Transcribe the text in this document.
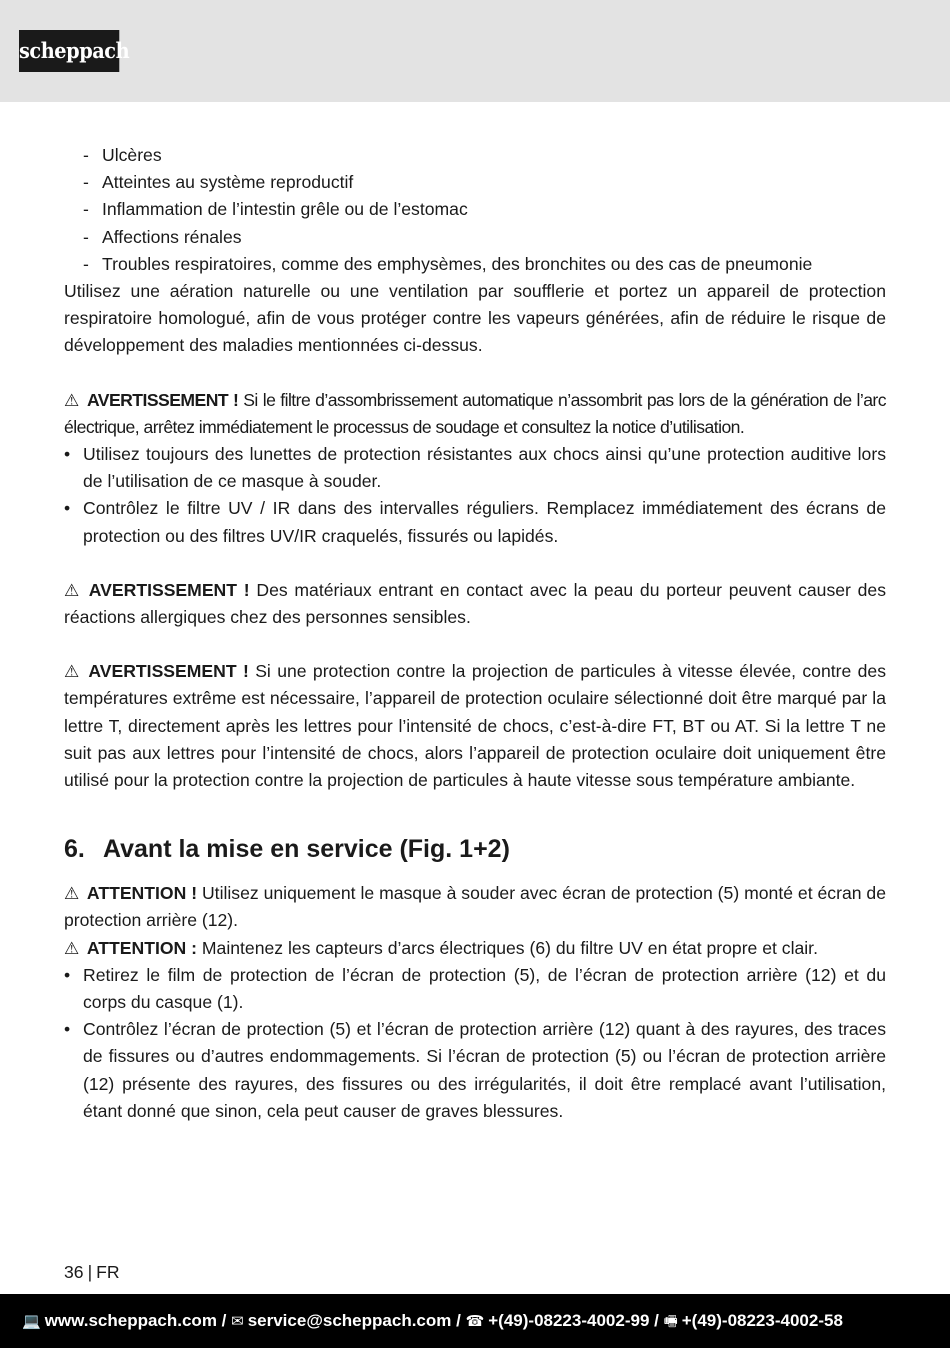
scheppach
- Ulcères
- Atteintes au système reproductif
- Inflammation de l’intestin grêle ou de l’estomac
- Affections rénales
- Troubles respiratoires, comme des emphysèmes, des bronchites ou des cas de pneumonie

Utilisez une aération naturelle ou une ventilation par soufflerie et portez un appareil de protection respiratoire homologué, afin de vous protéger contre les vapeurs générées, afin de réduire le risque de développement des maladies mentionnées ci-dessus.

⚠ AVERTISSEMENT ! Si le filtre d’assombrissement automatique n’assombrit pas lors de la génération de l’arc électrique, arrêtez immédiatement le processus de soudage et consultez la notice d’utilisation.

• Utilisez toujours des lunettes de protection résistantes aux chocs ainsi qu’une protection auditive lors de l’utilisation de ce masque à souder.
• Contrôlez le filtre UV / IR dans des intervalles réguliers. Remplacez immédiatement des écrans de protection ou des filtres UV/IR craquelés, fissurés ou lapidés.

⚠ AVERTISSEMENT ! Des matériaux entrant en contact avec la peau du porteur peuvent causer des réactions allergiques chez des personnes sensibles.

⚠ AVERTISSEMENT ! Si une protection contre la projection de particules à vitesse élevée, contre des températures extrême est nécessaire, l’appareil de protection oculaire sélectionné doit être marqué par la lettre T, directement après les lettres pour l’intensité de chocs, c’est-à-dire FT, BT ou AT. Si la lettre T ne suit pas aux lettres pour l’intensité de chocs, alors l’appareil de protection oculaire doit uniquement être utilisé pour la protection contre la projection de particules à haute vitesse sous température ambiante.

6. Avant la mise en service (Fig. 1+2)

⚠ ATTENTION ! Utilisez uniquement le masque à souder avec écran de protection (5) monté et écran de protection arrière (12).

⚠ ATTENTION : Maintenez les capteurs d’arcs électriques (6) du filtre UV en état propre et clair.

• Retirez le film de protection de l’écran de protection (5), de l’écran de protection arrière (12) et du corps du casque (1).
• Contrôlez l’écran de protection (5) et l’écran de protection arrière (12) quant à des rayures, des traces de fissures ou d’autres endommagements. Si l’écran de protection (5) ou l’écran de protection arrière (12) présente des rayures, des fissures ou des irrégularités, il doit être remplacé avant l’utilisation, étant donné que sinon, cela peut causer de graves blessures.
36 | FR
💻 www.scheppach.com / ✉ service@scheppach.com / ☎ +(49)-08223-4002-99 / 🖷 +(49)-08223-4002-58
